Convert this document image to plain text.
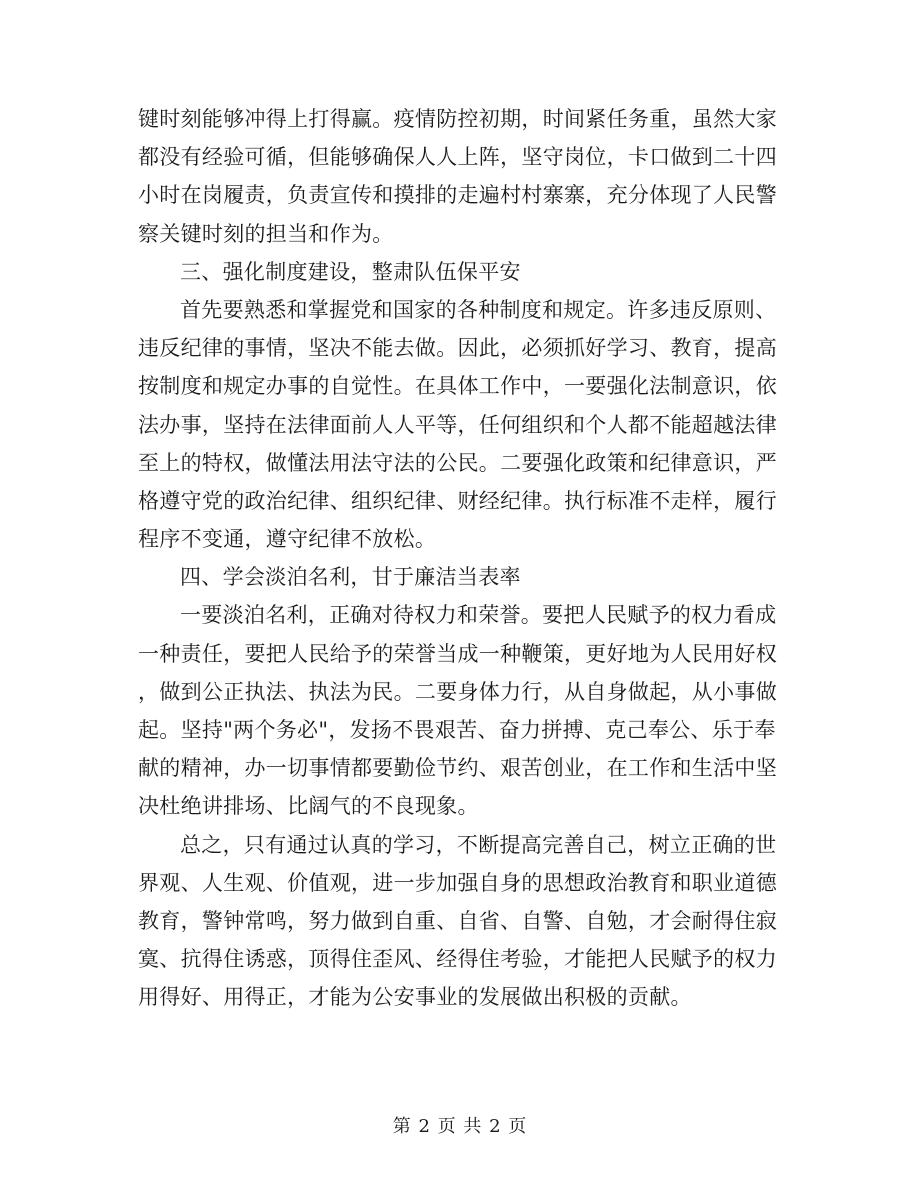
键时刻能够冲得上打得赢。疫情防控初期，时间紧任务重，虽然大家
都没有经验可循，但能够确保人人上阵，坚守岗位，卡口做到二十四
小时在岗履责，负责宣传和摸排的走遍村村寨寨，充分体现了人民警
察关键时刻的担当和作为。
三、强化制度建设，整肃队伍保平安
首先要熟悉和掌握党和国家的各种制度和规定。许多违反原则、
违反纪律的事情，坚决不能去做。因此，必须抓好学习、教育，提高
按制度和规定办事的自觉性。在具体工作中，一要强化法制意识，依
法办事，坚持在法律面前人人平等，任何组织和个人都不能超越法律
至上的特权，做懂法用法守法的公民。二要强化政策和纪律意识，严
格遵守党的政治纪律、组织纪律、财经纪律。执行标准不走样，履行
程序不变通，遵守纪律不放松。
四、学会淡泊名利，甘于廉洁当表率
一要淡泊名利，正确对待权力和荣誉。要把人民赋予的权力看成
一种责任，要把人民给予的荣誉当成一种鞭策，更好地为人民用好权
，做到公正执法、执法为民。二要身体力行，从自身做起，从小事做
起。坚持"两个务必"，发扬不畏艰苦、奋力拼搏、克己奉公、乐于奉
献的精神，办一切事情都要勤俭节约、艰苦创业，在工作和生活中坚
决杜绝讲排场、比阔气的不良现象。
总之，只有通过认真的学习，不断提高完善自己，树立正确的世
界观、人生观、价值观，进一步加强自身的思想政治教育和职业道德
教育，警钟常鸣，努力做到自重、自省、自警、自勉，才会耐得住寂
寞、抗得住诱惑，顶得住歪风、经得住考验，才能把人民赋予的权力
用得好、用得正，才能为公安事业的发展做出积极的贡献。
第 2 页 共 2 页
